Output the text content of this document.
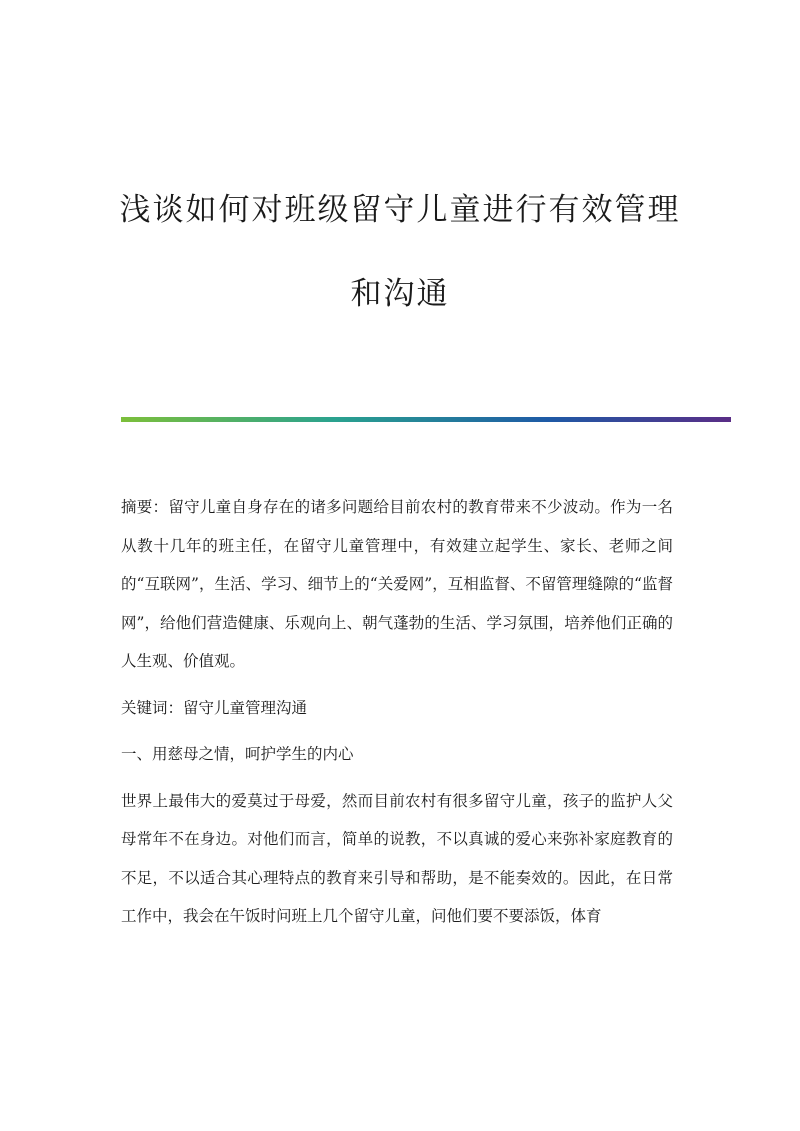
浅谈如何对班级留守儿童进行有效管理
和沟通

摘要：留守儿童自身存在的诸多问题给目前农村的教育带来不少波动。作为一名从教十几年的班主任，在留守儿童管理中，有效建立起学生、家长、老师之间的“互联网”，生活、学习、细节上的“关爱网”，互相监督、不留管理缝隙的“监督网”，给他们营造健康、乐观向上、朝气蓬勃的生活、学习氛围，培养他们正确的人生观、价值观。

关键词：留守儿童管理沟通

一、用慈母之情，呵护学生的内心

世界上最伟大的爱莫过于母爱，然而目前农村有很多留守儿童，孩子的监护人父母常年不在身边。对他们而言，简单的说教，不以真诚的爱心来弥补家庭教育的不足，不以适合其心理特点的教育来引导和帮助，是不能奏效的。因此，在日常工作中，我会在午饭时问班上几个留守儿童，问他们要不要添饭，体育
